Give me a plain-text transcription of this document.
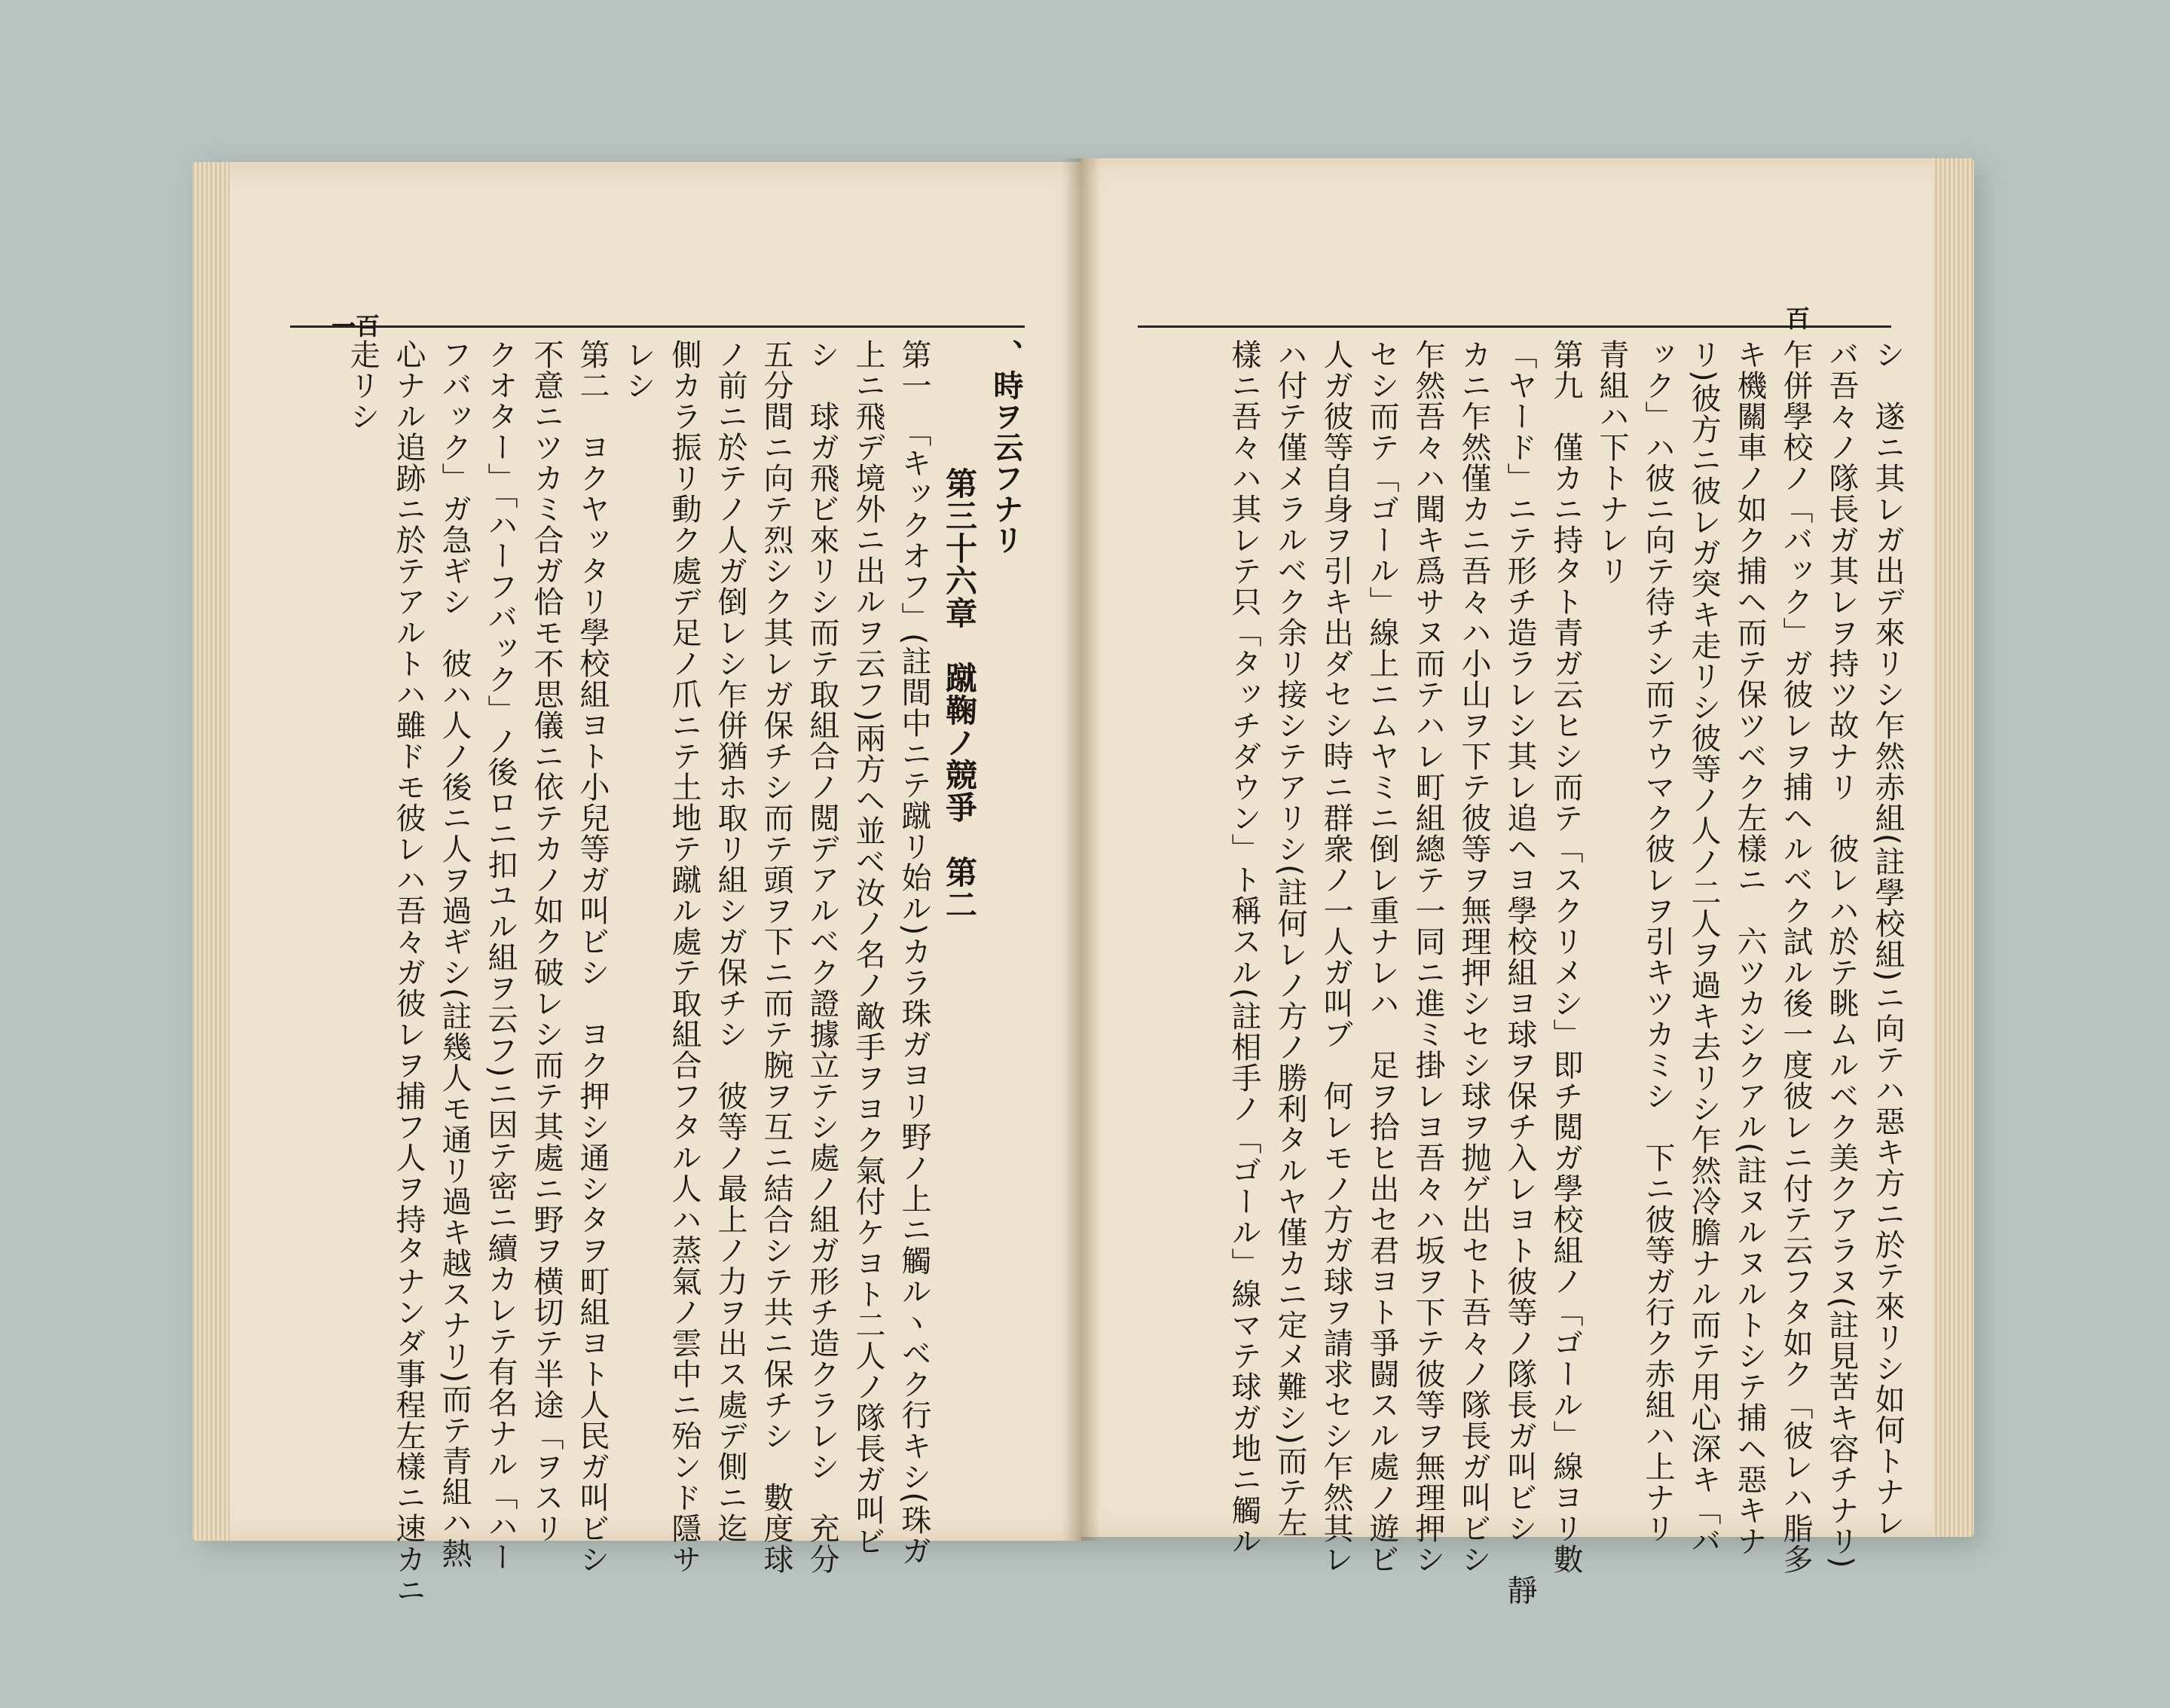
一百	百
、時ヲ云フナリ
第三十六章　蹴鞠ノ競爭　第二
第一　「キックオフ」(註間中ニテ蹴リ始ル)カラ珠ガヨリ野ノ上ニ觸ルヽベク行キシ(珠ガ
上ニ飛デ境外ニ出ルヲ云フ)兩方ヘ並ベ汝ノ名ノ敵手ヲヨク氣付ケヨト二人ノ隊長ガ叫ビ
シ　球ガ飛ビ來リシ而テ取組合ノ閲デアルベク證據立テシ處ノ組ガ形チ造クラレシ　充分
五分間ニ向テ烈シク其レガ保チシ而テ頭ヲ下ニ而テ腕ヲ互ニ結合シテ共ニ保チシ　數度球
ノ前ニ於テノ人ガ倒レシ乍併猶ホ取リ組シガ保チシ　彼等ノ最上ノ力ヲ出ス處デ側ニ迄
側カラ振リ動ク處デ足ノ爪ニテ土地テ蹴ル處テ取組合フタル人ハ蒸氣ノ雲中ニ殆ンド隱サ
レシ
第二　ヨクヤッタリ學校組ヨト小兒等ガ叫ビシ　ヨク押シ通シタヲ町組ヨト人民ガ叫ビシ
不意ニツカミ合ガ恰モ不思儀ニ依テカノ如ク破レシ而テ其處ニ野ヲ横切テ半途「ヲスリ
クオター」「ハーフバック」ノ後ロニ扣ユル組ヲ云フ)ニ因テ密ニ續カレテ有名ナル「ハー
フバック」ガ急ギシ　彼ハ人ノ後ニ人ヲ過ギシ(註幾人モ通リ過キ越スナリ)而テ青組ハ熱
心ナル追跡ニ於テアルトハ雖ドモ彼レハ吾々ガ彼レヲ捕フ人ヲ持タナンダ事程左樣ニ速カニ
走リシ	シ　遂ニ其レガ出デ來リシ乍然赤組(註學校組)ニ向テハ惡キ方ニ於テ來リシ如何トナレ
バ吾々ノ隊長ガ其レヲ持ツ故ナリ　彼レハ於テ眺ムルベク美クアラヌ(註見苦キ容チナリ)
乍併學校ノ「バック」ガ彼レヲ捕ヘルベク試ル後一度彼レニ付テ云フタ如ク「彼レハ脂多
キ機關車ノ如ク捕ヘ而テ保ツベク左樣ニ　六ツカシクアル(註ヌルヌルトシテ捕ヘ惡キナ
リ)彼方ニ彼レガ突キ走リシ彼等ノ人ノ二人ヲ過キ去リシ乍然冷膽ナル而テ用心深キ「バ
ック」ハ彼ニ向テ待チシ而テウマク彼レヲ引キツカミシ　下ニ彼等ガ行ク赤組ハ上ナリ
青組ハ下トナレリ
第九　僅カニ持タト青ガ云ヒシ而テ「スクリメシ」即チ閲ガ學校組ノ「ゴール」線ヨリ數
「ヤード」ニテ形チ造ラレシ其レ追ヘヨ學校組ヨ球ヲ保チ入レヨト彼等ノ隊長ガ叫ビシ　靜
カニ乍然僅カニ吾々ハ小山ヲ下テ彼等ヲ無理押シセシ球ヲ抛ゲ出セト吾々ノ隊長ガ叫ビシ
乍然吾々ハ聞キ爲サヌ而テハレ町組總テ一同ニ進ミ掛レヨ吾々ハ坂ヲ下テ彼等ヲ無理押シ
セシ而テ「ゴール」線上ニムヤミニ倒レ重ナレハ　足ヲ拾ヒ出セ君ヨト爭闘スル處ノ遊ビ
人ガ彼等自身ヲ引キ出ダセシ時ニ群衆ノ一人ガ叫ブ　何レモノ方ガ球ヲ請求セシ乍然其レ
ハ付テ僅メラルベク余リ接シテアリシ(註何レノ方ノ勝利タルヤ僅カニ定メ難シ)而テ左
樣ニ吾々ハ其レテ只「タッチダウン」ト稱スル(註相手ノ「ゴール」線マテ球ガ地ニ觸ル
